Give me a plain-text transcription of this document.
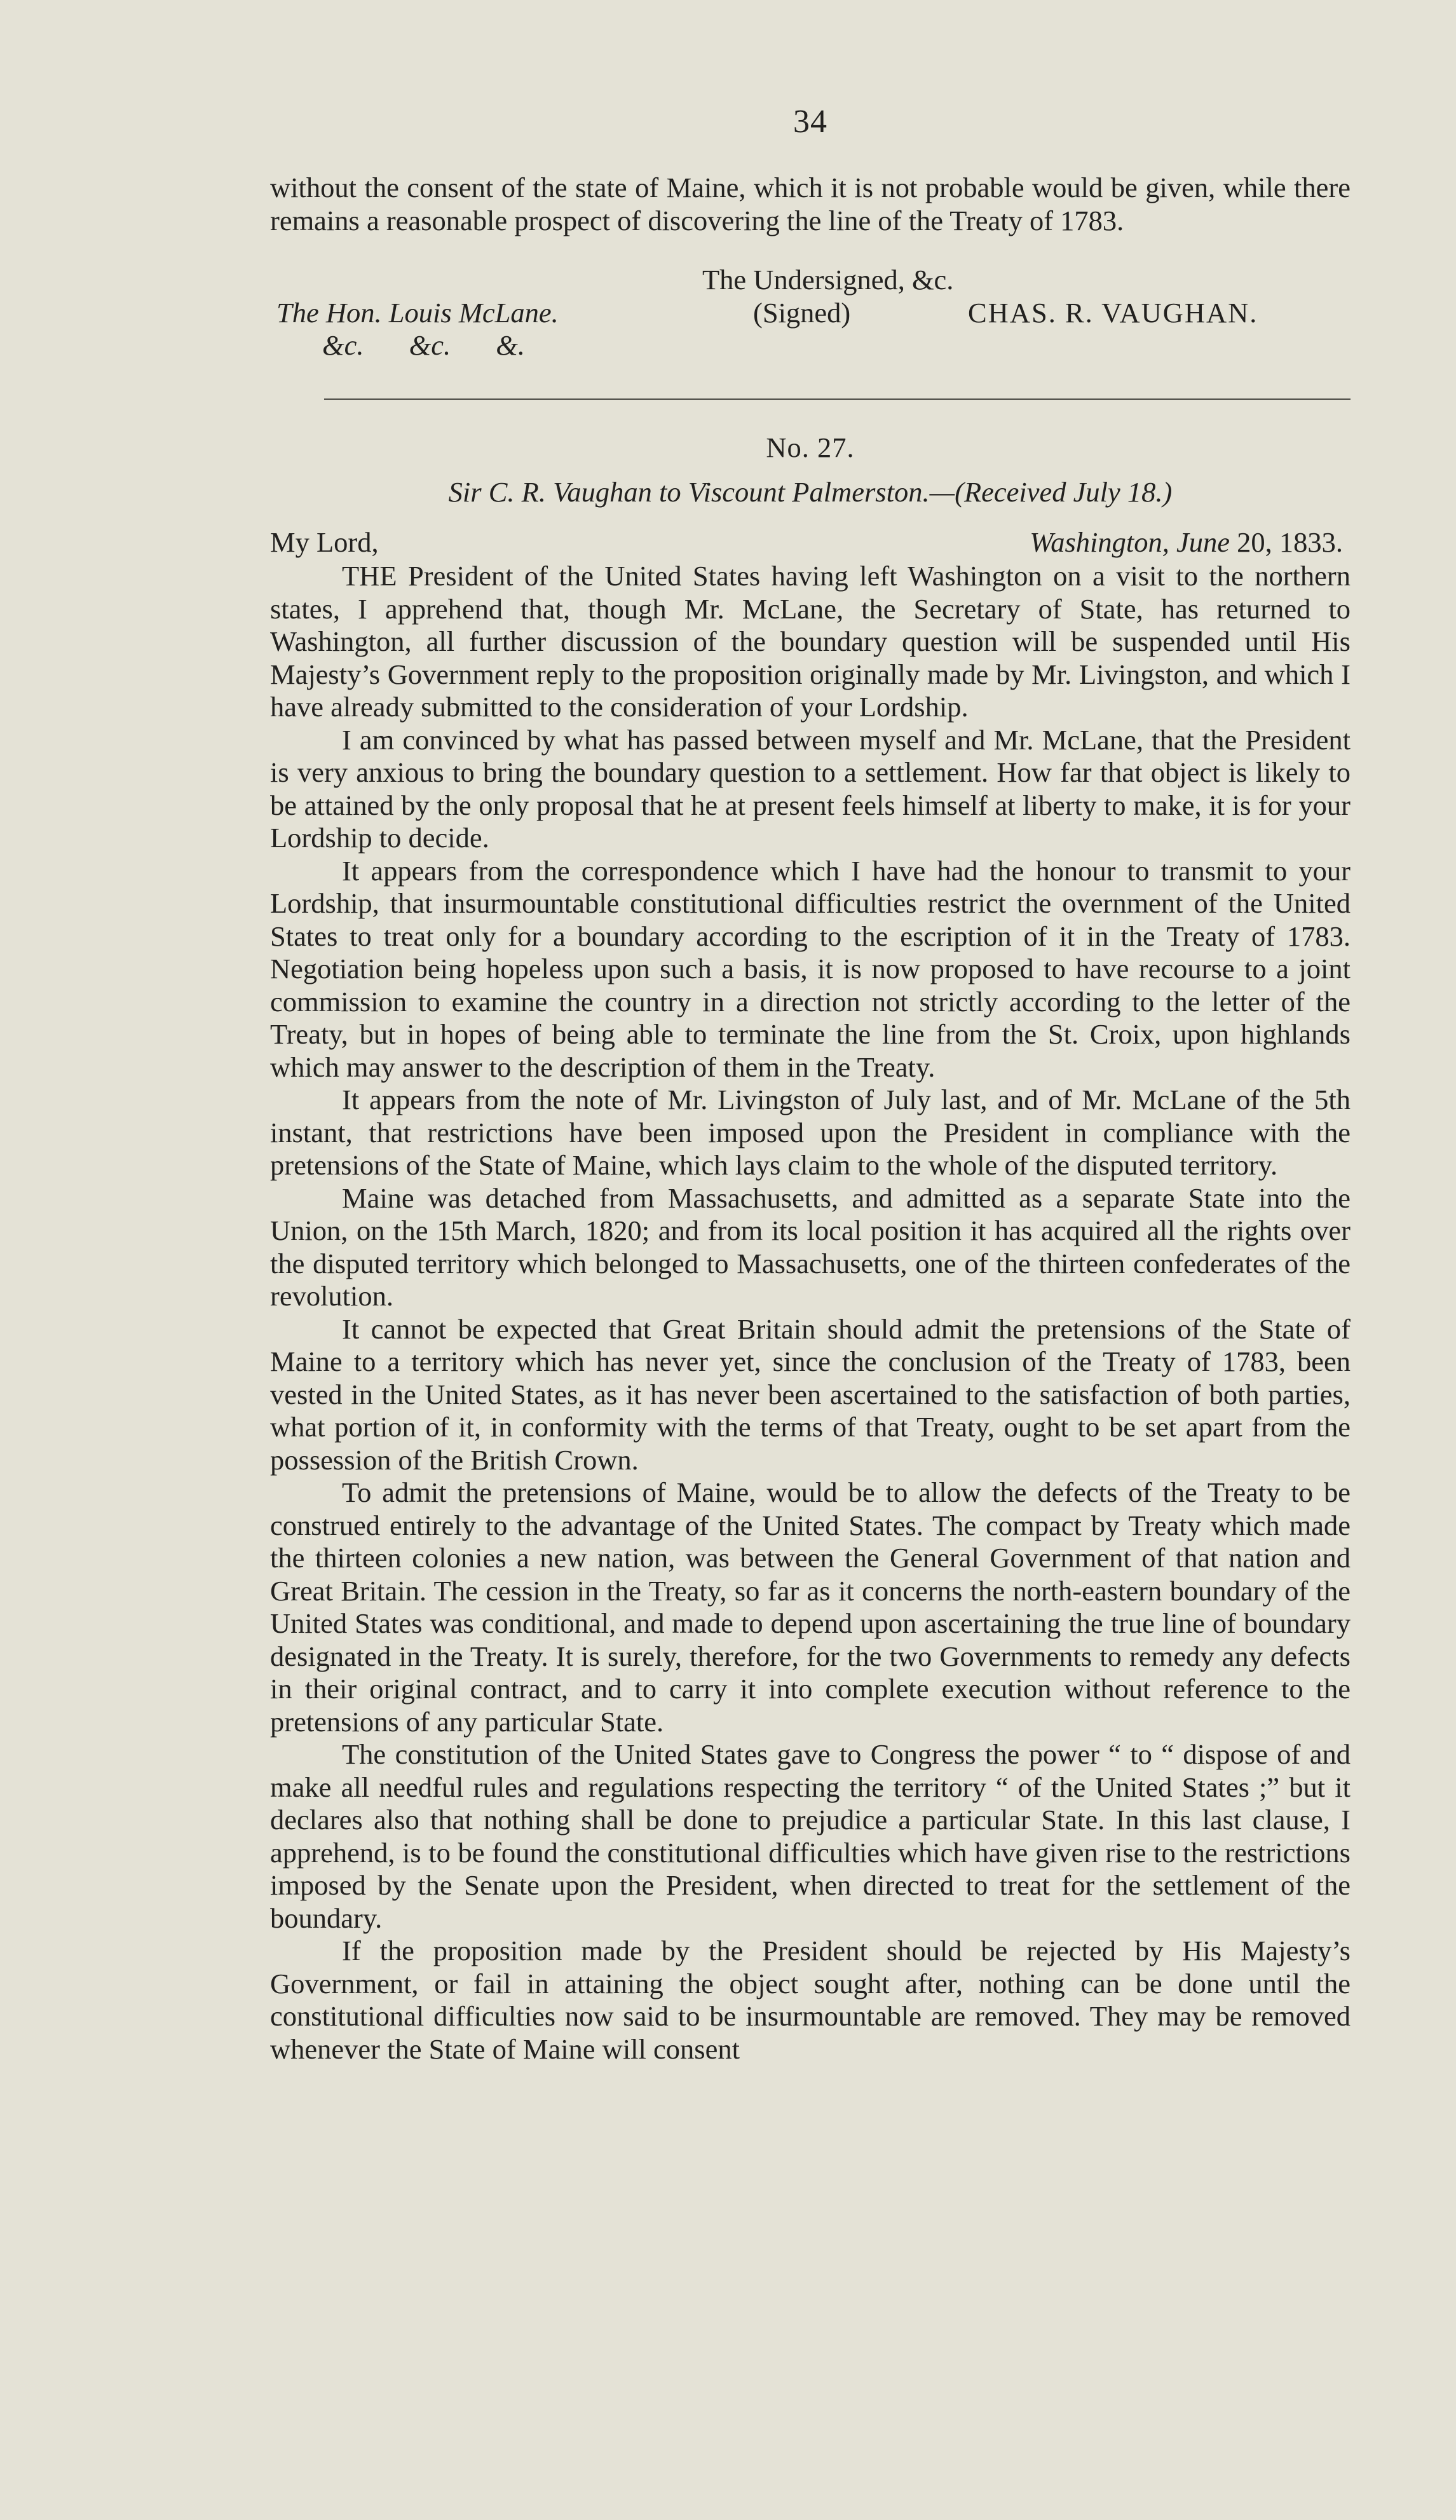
34

without the consent of the state of Maine, which it is not probable would be given, while there remains a reasonable prospect of discovering the line of the Treaty of 1783.

The Undersigned, &c.
The Hon. Louis McLane.	(Signed)	CHAS. R. VAUGHAN.
&c. &c. &.
No. 27.
Sir C. R. Vaughan to Viscount Palmerston.—(Received July 18.)
My Lord,	Washington, June 20, 1833.

THE President of the United States having left Washington on a visit to the northern states, I apprehend that, though Mr. McLane, the Secretary of State, has returned to Washington, all further discussion of the boundary question will be suspended until His Majesty’s Government reply to the proposition originally made by Mr. Livingston, and which I have already submitted to the consideration of your Lordship.

I am convinced by what has passed between myself and Mr. McLane, that the President is very anxious to bring the boundary question to a settlement. How far that object is likely to be attained by the only proposal that he at present feels himself at liberty to make, it is for your Lordship to decide.

It appears from the correspondence which I have had the honour to transmit to your Lordship, that insurmountable constitutional difficulties restrict the overnment of the United States to treat only for a boundary according to the escription of it in the Treaty of 1783. Negotiation being hopeless upon such a basis, it is now proposed to have recourse to a joint commission to examine the country in a direction not strictly according to the letter of the Treaty, but in hopes of being able to terminate the line from the St. Croix, upon highlands which may answer to the description of them in the Treaty.

It appears from the note of Mr. Livingston of July last, and of Mr. McLane of the 5th instant, that restrictions have been imposed upon the President in compliance with the pretensions of the State of Maine, which lays claim to the whole of the disputed territory.

Maine was detached from Massachusetts, and admitted as a separate State into the Union, on the 15th March, 1820; and from its local position it has acquired all the rights over the disputed territory which belonged to Massachusetts, one of the thirteen confederates of the revolution.

It cannot be expected that Great Britain should admit the pretensions of the State of Maine to a territory which has never yet, since the conclusion of the Treaty of 1783, been vested in the United States, as it has never been ascertained to the satisfaction of both parties, what portion of it, in conformity with the terms of that Treaty, ought to be set apart from the possession of the British Crown.

To admit the pretensions of Maine, would be to allow the defects of the Treaty to be construed entirely to the advantage of the United States. The compact by Treaty which made the thirteen colonies a new nation, was between the General Government of that nation and Great Britain. The cession in the Treaty, so far as it concerns the north-eastern boundary of the United States was conditional, and made to depend upon ascertaining the true line of boundary designated in the Treaty. It is surely, therefore, for the two Governments to remedy any defects in their original contract, and to carry it into complete execution without reference to the pretensions of any particular State.

The constitution of the United States gave to Congress the power “ to “ dispose of and make all needful rules and regulations respecting the territory “ of the United States ;” but it declares also that nothing shall be done to prejudice a particular State. In this last clause, I apprehend, is to be found the constitutional difficulties which have given rise to the restrictions imposed by the Senate upon the President, when directed to treat for the settlement of the boundary.

If the proposition made by the President should be rejected by His Majesty’s Government, or fail in attaining the object sought after, nothing can be done until the constitutional difficulties now said to be insurmountable are removed. They may be removed whenever the State of Maine will consent
